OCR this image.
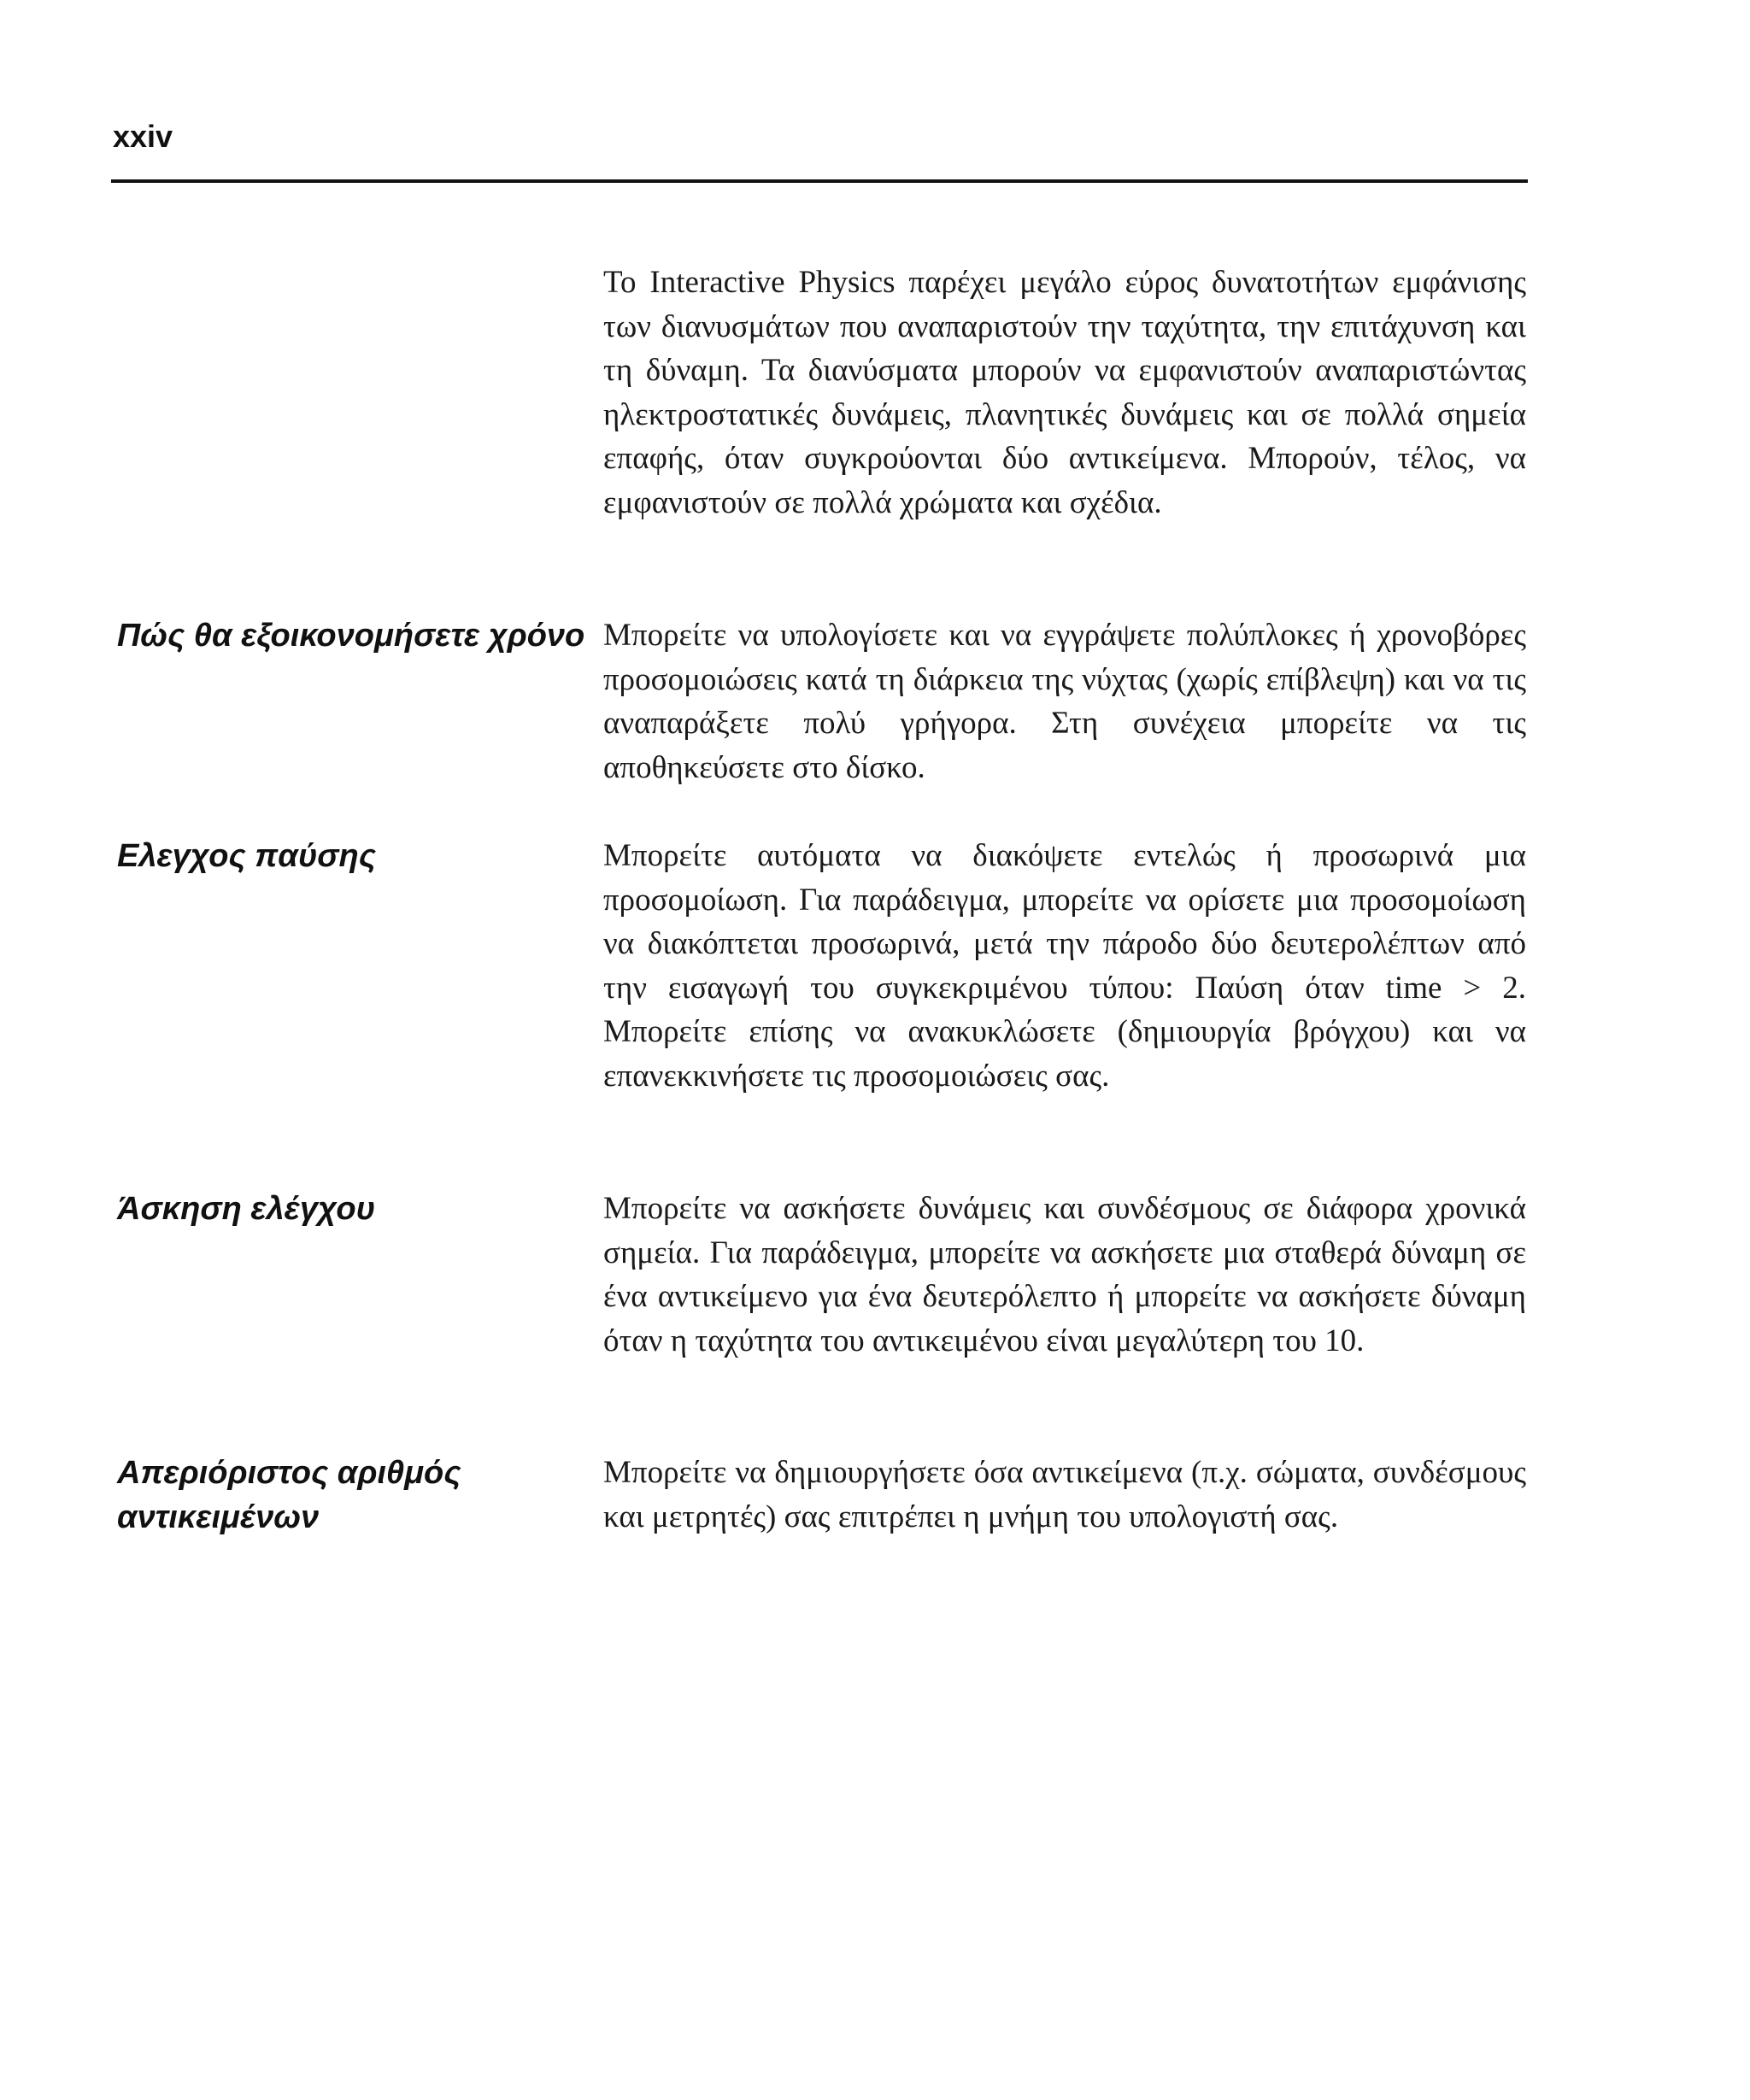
xxiv

Το Interactive Physics παρέχει μεγάλο εύρος δυνατοτήτων εμφάνισης των διανυσμάτων που αναπαριστούν την ταχύτητα, την επιτάχυνση και τη δύναμη. Τα διανύσματα μπορούν να εμφανιστούν αναπαριστώντας ηλεκτροστατικές δυνάμεις, πλανητικές δυνάμεις και σε πολλά σημεία επαφής, όταν συγκρούονται δύο αντικείμενα. Μπορούν, τέλος, να εμφανιστούν σε πολλά χρώματα και σχέδια.

Πώς θα εξοικονομήσετε χρόνο Μπορείτε να υπολογίσετε και να εγγράψετε πολύπλοκες ή χρονοβόρες προσομοιώσεις κατά τη διάρκεια της νύχτας (χωρίς επίβλεψη) και να τις αναπαράξετε πολύ γρήγορα. Στη συνέχεια μπορείτε να τις αποθηκεύσετε στο δίσκο.

Ελεγχος παύσης	Μπορείτε αυτόματα να διακόψετε εντελώς ή προσωρινά μια προσομοίωση. Για παράδειγμα, μπορείτε να ορίσετε μια προσομοίωση να διακόπτεται προσωρινά, μετά την πάροδο δύο δευτερολέπτων από την εισαγωγή του συγκεκριμένου τύπου: Παύση όταν time > 2. Μπορείτε επίσης να ανακυκλώσετε (δημιουργία βρόγχου) και να επανεκκινήσετε τις προσομοιώσεις σας.

Άσκηση ελέγχου	Μπορείτε να ασκήσετε δυνάμεις και συνδέσμους σε διάφορα χρονικά σημεία. Για παράδειγμα, μπορείτε να ασκήσετε μια σταθερά δύναμη σε ένα αντικείμενο για ένα δευτερόλεπτο ή μπορείτε να ασκήσετε δύναμη όταν η ταχύτητα του αντικειμένου είναι μεγαλύτερη του 10.

Απεριόριστος αριθμός αντικειμένων

Μπορείτε να δημιουργήσετε όσα αντικείμενα (π.χ. σώματα, συνδέσμους και μετρητές) σας επιτρέπει η μνήμη του υπολογιστή σας.
